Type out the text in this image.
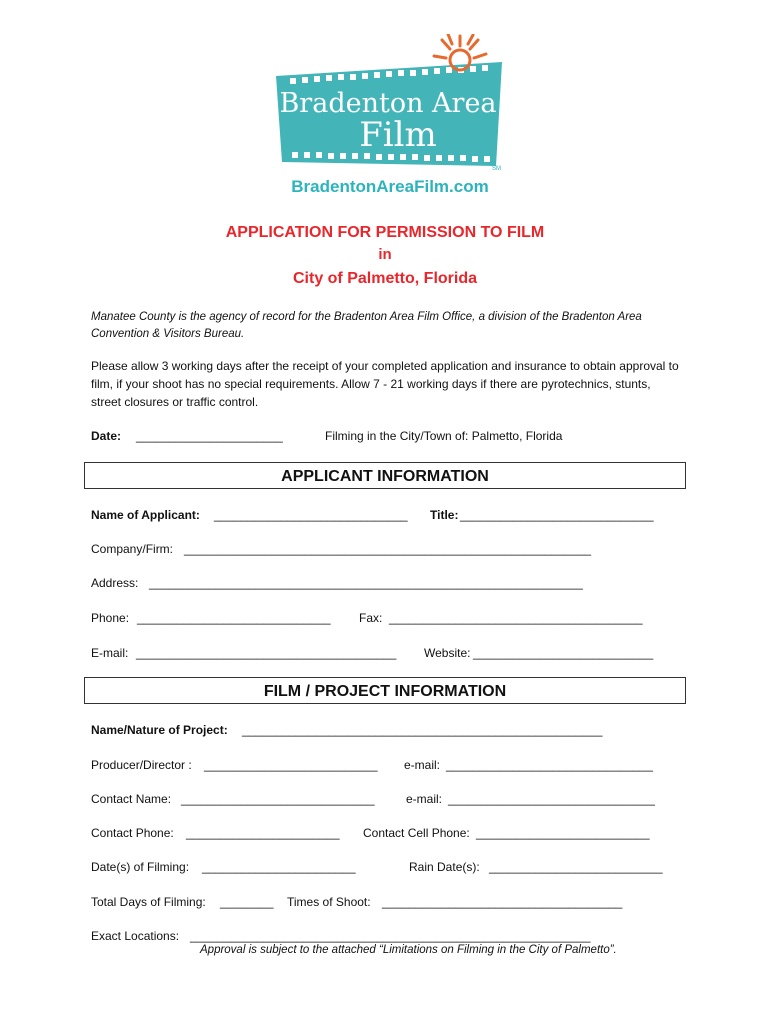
Bradenton Area
Film
SM
BradentonAreaFilm.com
APPLICATION FOR PERMISSION TO FILM
in
City of Palmetto, Florida
Manatee County is the agency of record for the Bradenton Area Film Office, a division of the Bradenton Area Convention & Visitors Bureau.
Please allow 3 working days after the receipt of your completed application and insurance to obtain approval to film, if your shoot has no special requirements. Allow 7 - 21 working days if there are pyrotechnics, stunts, street closures or traffic control.
Date: ______________________	Filming in the City/Town of: Palmetto, Florida
APPLICANT INFORMATION
Name of Applicant: _____________________________ Title: _____________________________
Company/Firm: _____________________________________________________________
Address: _________________________________________________________________
Phone: _____________________________ Fax: ______________________________________
E-mail: _______________________________________ Website: ___________________________
FILM / PROJECT INFORMATION
Name/Nature of Project: ______________________________________________________
Producer/Director : __________________________ e-mail: _______________________________
Contact Name: _____________________________	e-mail: _______________________________
Contact Phone: _______________________ Contact Cell Phone: __________________________
Date(s) of Filming: _______________________	Rain Date(s): __________________________
Total Days of Filming: ________ Times of Shoot: ____________________________________
Exact Locations: ____________________________________________________________
Approval is subject to the attached “Limitations on Filming in the City of Palmetto”.
